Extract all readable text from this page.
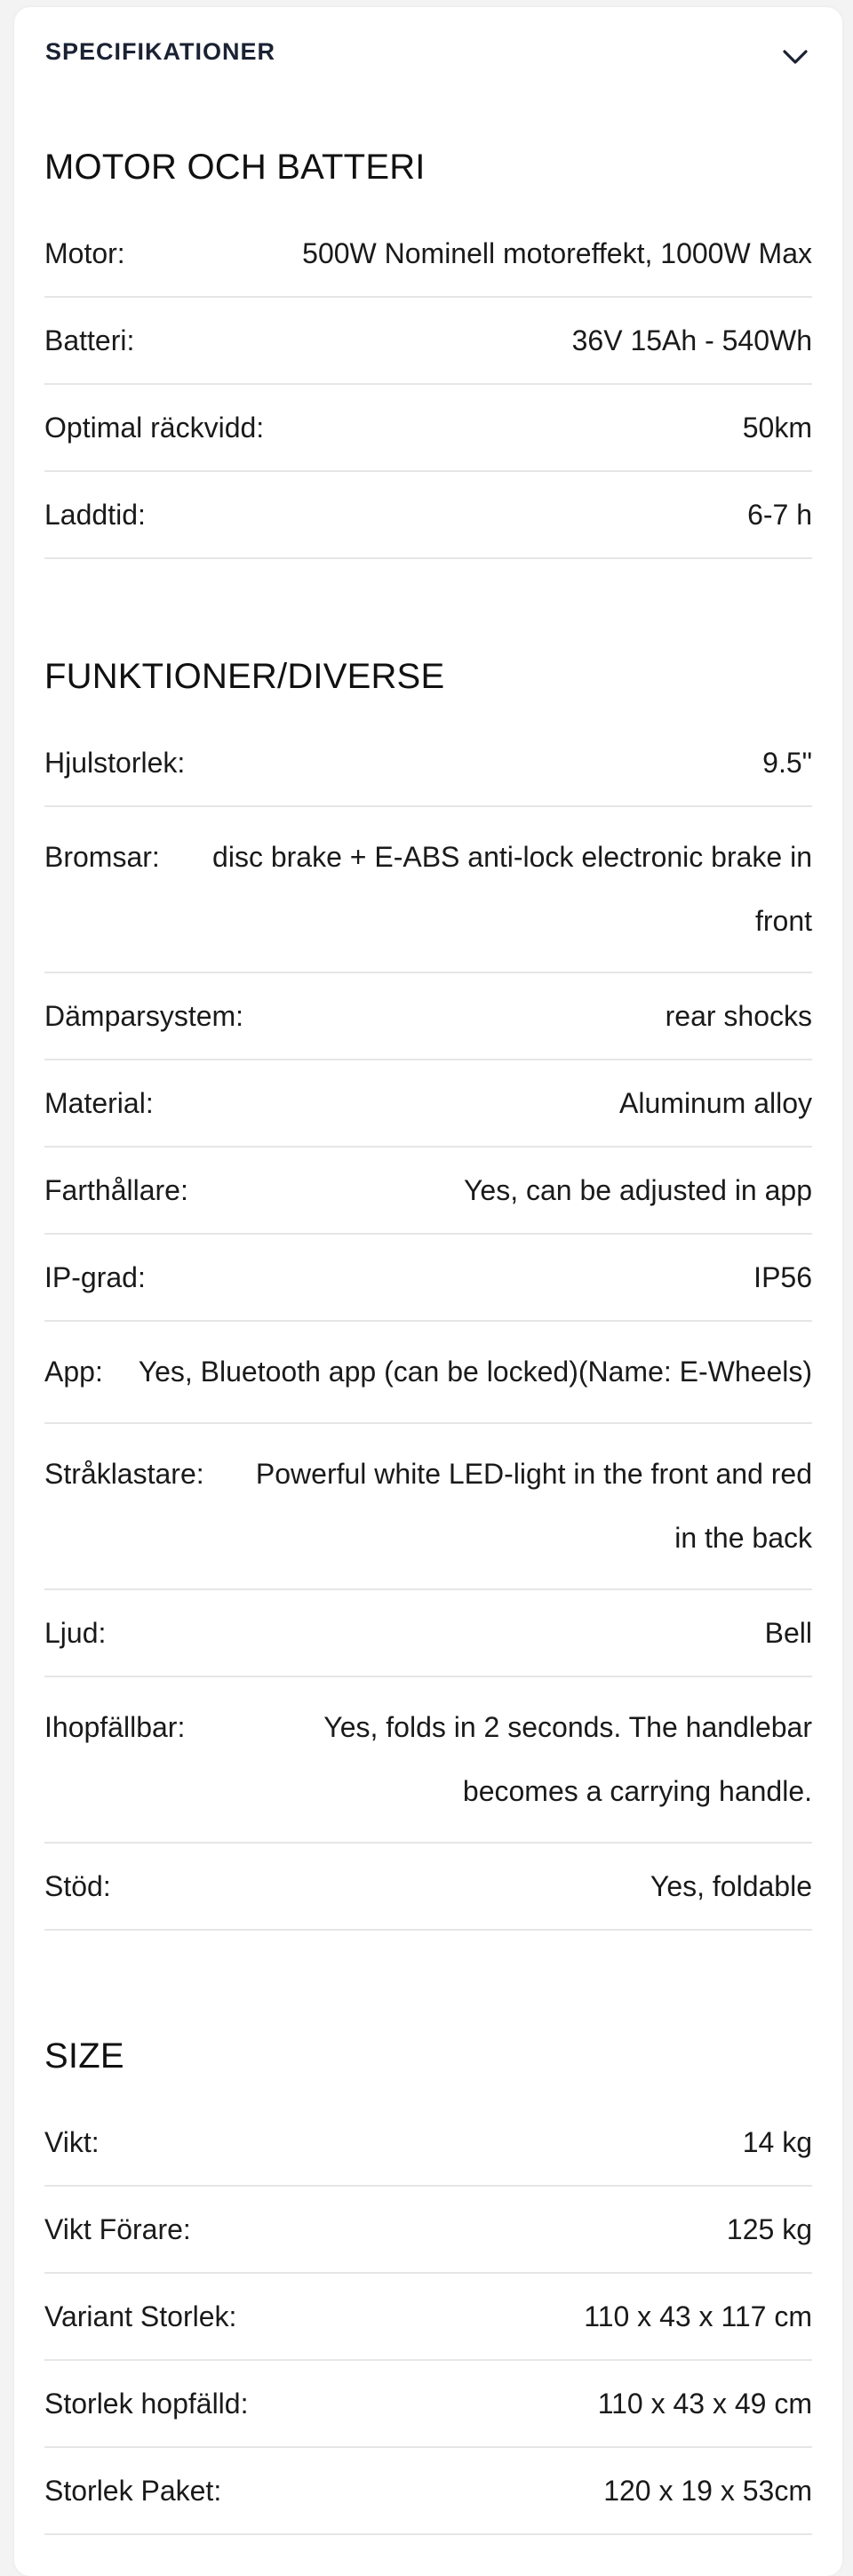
SPECIFIKATIONER
MOTOR OCH BATTERI
Motor:	500W Nominell motoreffekt, 1000W Max
Batteri:	36V 15Ah - 540Wh
Optimal räckvidd:	50km
Laddtid:	6-7 h
FUNKTIONER/DIVERSE
Hjulstorlek:	9.5"
Bromsar:	disc brake + E-ABS anti-lock electronic brake in front
Dämparsystem:	rear shocks
Material:	Aluminum alloy
Farthållare:	Yes, can be adjusted in app
IP-grad:	IP56
App:	Yes, Bluetooth app (can be locked)(Name: E-Wheels)
Stråklastare:	Powerful white LED-light in the front and red in the back
Ljud:	Bell
Ihopfällbar:	Yes, folds in 2 seconds. The handlebar becomes a carrying handle.
Stöd:	Yes, foldable
SIZE
Vikt:	14 kg
Vikt Förare:	125 kg
Variant Storlek:	110 x 43 x 117 cm
Storlek hopfälld:	110 x 43 x 49 cm
Storlek Paket:	120 x 19 x 53cm
